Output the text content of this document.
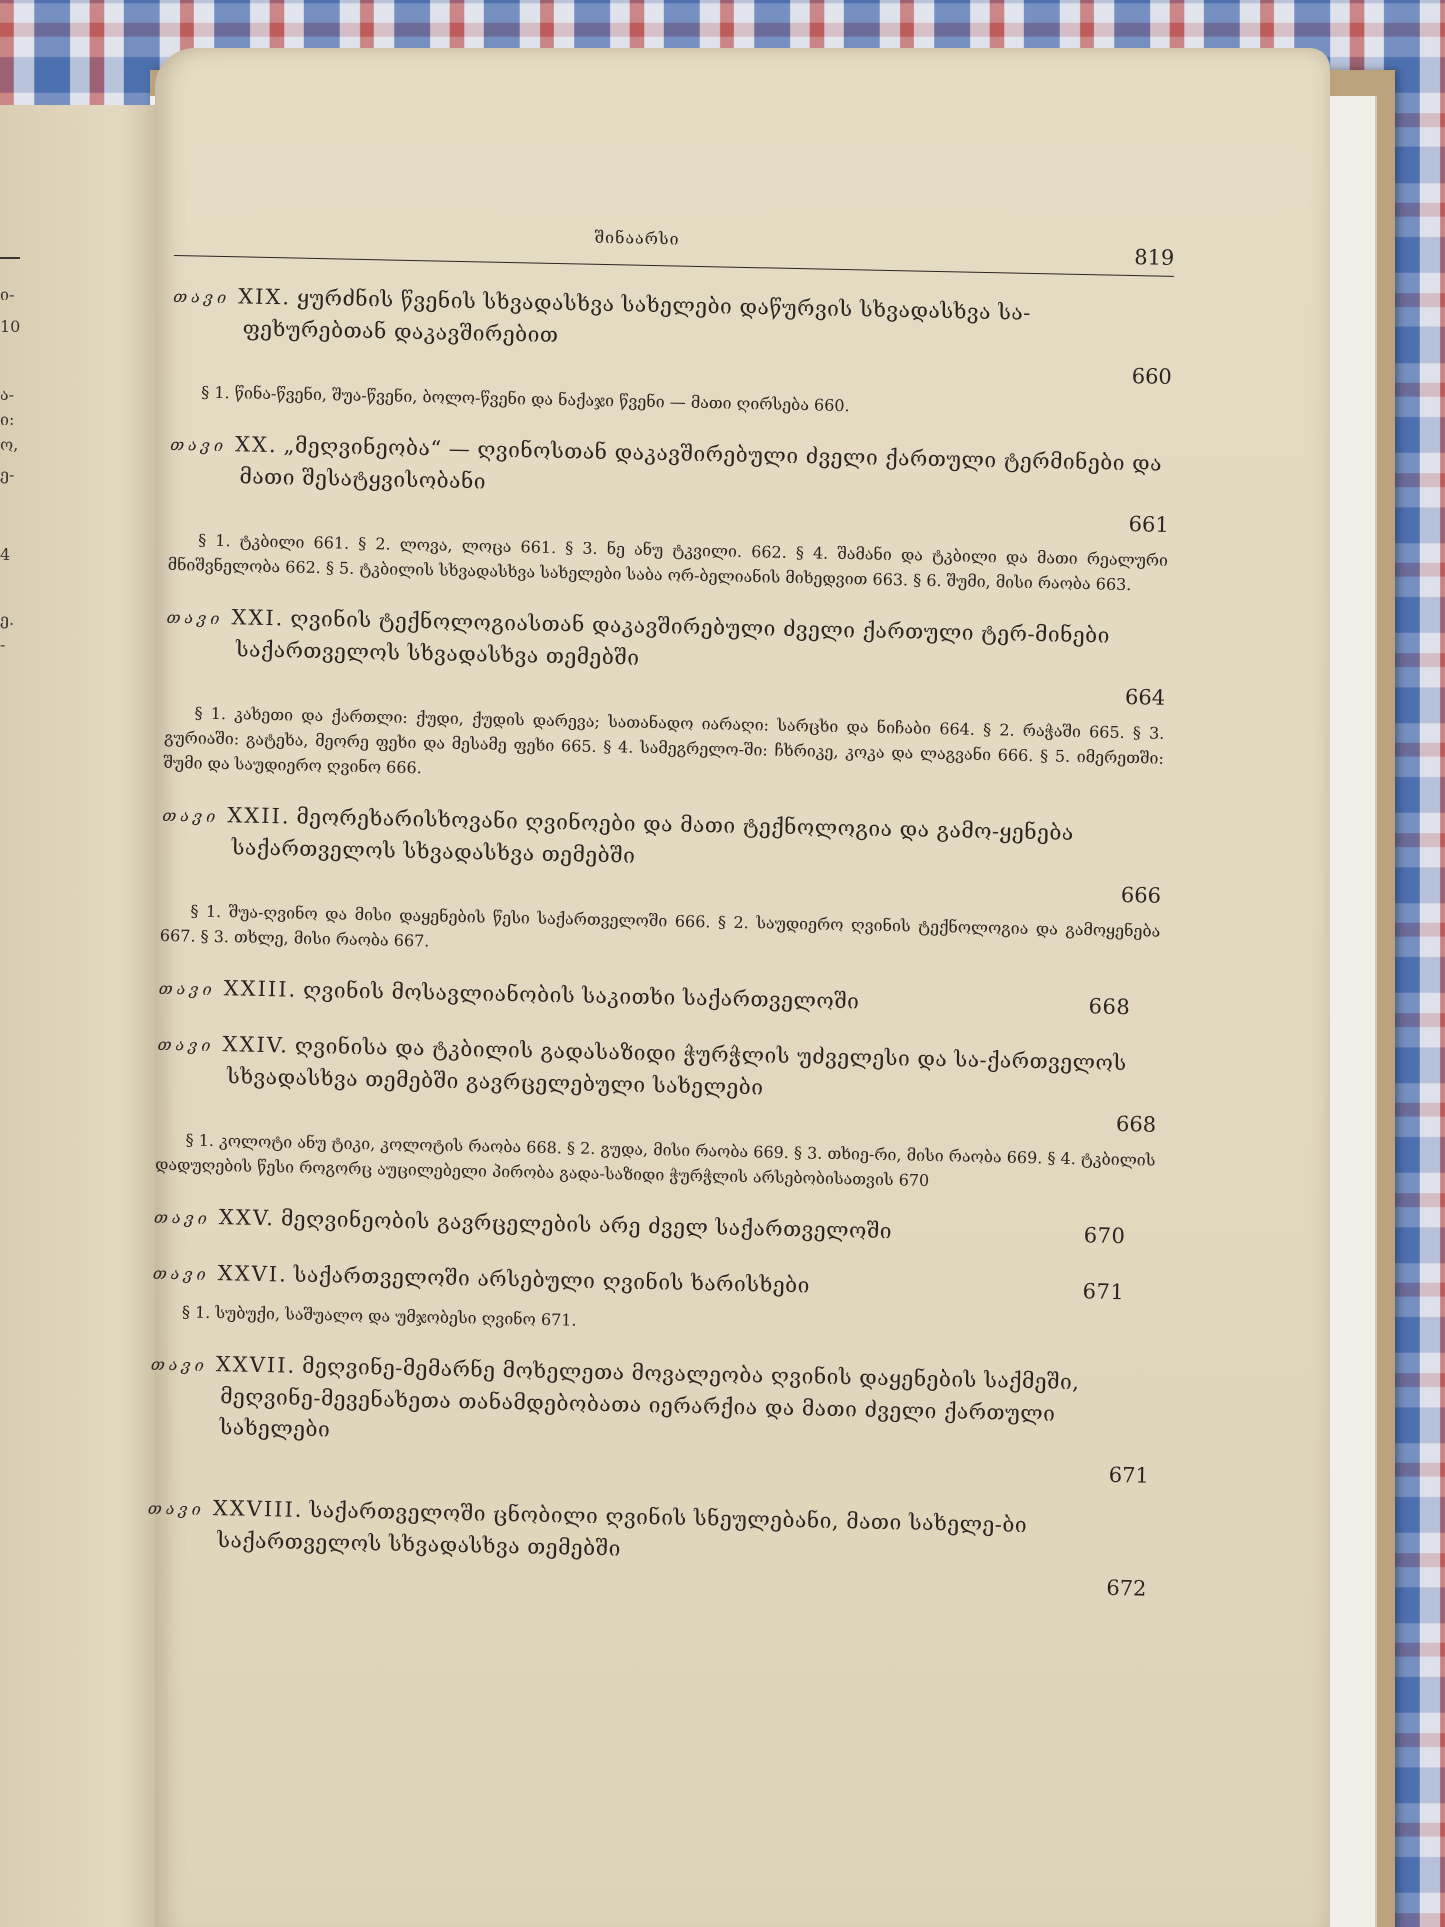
ი-
10
ა-
ი:
ო,
ე-
4
ე.
-
შინაარსი
819
თავი XIX. ყურძნის წვენის სხვადასხვა სახელები დაწურვის სხვადასხვა სა-ფეხურებთან დაკავშირებით
660
§ 1. წინა-წვენი, შუა-წვენი, ბოლო-წვენი და ნაქაჯი წვენი — მათი ღირსება 660.
თავი XX. „მეღვინეობა“ — ღვინოსთან დაკავშირებული ძველი ქართული ტერმინები და მათი შესატყვისობანი
661
§ 1. ტკბილი 661. § 2. ლოვა, ლოცა 661. § 3. ნე ანუ ტკვილი. 662. § 4. შამანი და ტკბილი და მათი რეალური მნიშვნელობა 662. § 5. ტკბილის სხვადასხვა სახელები საბა ორ-ბელიანის მიხედვით 663. § 6. შუმი, მისი რაობა 663.
თავი XXI. ღვინის ტექნოლოგიასთან დაკავშირებული ძველი ქართული ტერ-მინები საქართველოს სხვადასხვა თემებში
664
§ 1. კახეთი და ქართლი: ქუდი, ქუდის დარევა; სათანადო იარაღი: სარცხი და ნიჩაბი 664. § 2. რაჭაში 665. § 3. გურიაში: გატეხა, მეორე ფეხი და მესამე ფეხი 665. § 4. სამეგრელო-ში: ჩხრიკე, კოკა და ლაგვანი 666. § 5. იმერეთში: შუმი და საუდიერო ღვინო 666.
თავი XXII. მეორეხარისხოვანი ღვინოები და მათი ტექნოლოგია და გამო-ყენება საქართველოს სხვადასხვა თემებში
666
§ 1. შუა-ღვინო და მისი დაყენების წესი საქართველოში 666. § 2. საუდიერო ღვინის ტექნოლოგია და გამოყენება 667. § 3. თხლე, მისი რაობა 667.
668
თავი XXIII. ღვინის მოსავლიანობის საკითხი საქართველოში
თავი XXIV. ღვინისა და ტკბილის გადასაზიდი ჭურჭლის უძველესი და სა-ქართველოს სხვადასხვა თემებში გავრცელებული სახელები
668
§ 1. კოლოტი ანუ ტიკი, კოლოტის რაობა 668. § 2. გუდა, მისი რაობა 669. § 3. თხიე-რი, მისი რაობა 669. § 4. ტკბილის დადუღების წესი როგორც აუცილებელი პირობა გადა-საზიდი ჭურჭლის არსებობისათვის 670
670
თავი XXV. მეღვინეობის გავრცელების არე ძველ საქართველოში
671
თავი XXVI. საქართველოში არსებული ღვინის ხარისხები
§ 1. სუბუქი, საშუალო და უმჯობესი ღვინო 671.
თავი XXVII. მეღვინე-მემარნე მოხელეთა მოვალეობა ღვინის დაყენების საქმეში, მეღვინე-მევენახეთა თანამდებობათა იერარქია და მათი ძველი ქართული სახელები
671
თავი XXVIII. საქართველოში ცნობილი ღვინის სნეულებანი, მათი სახელე-ბი საქართველოს სხვადასხვა თემებში
672
